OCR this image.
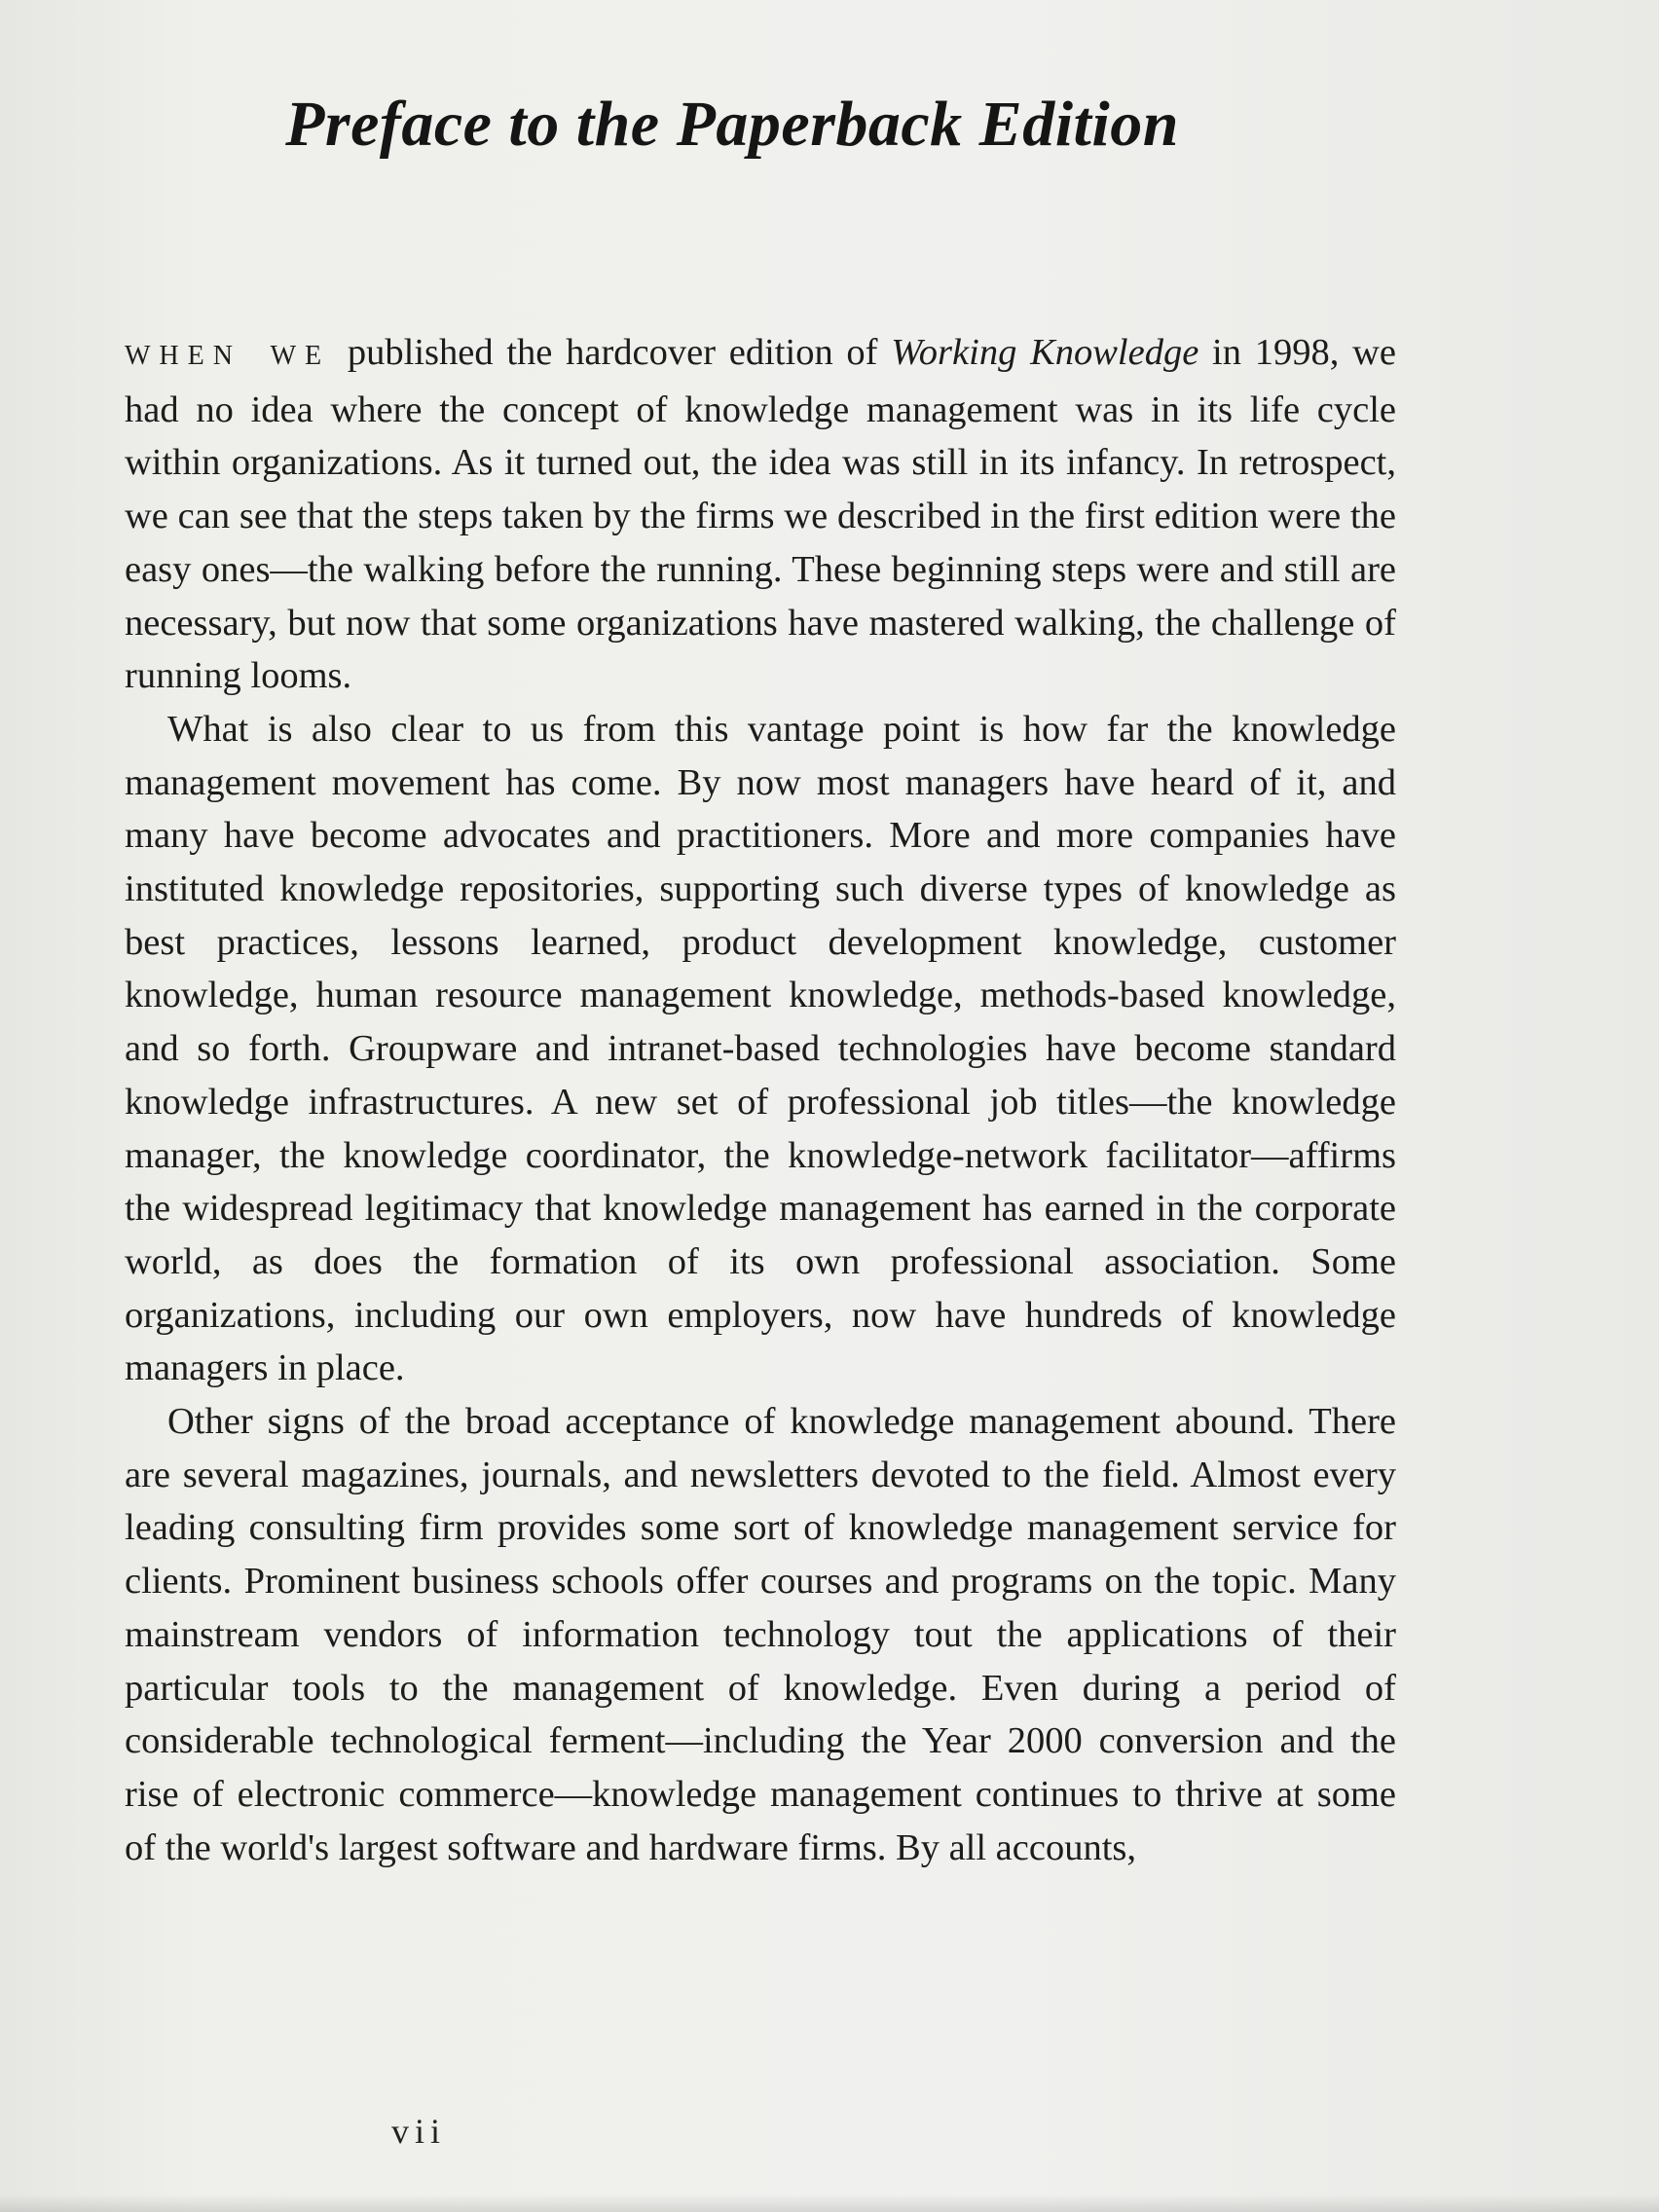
Preface to the Paperback Edition

WHEN WE published the hardcover edition of Working Knowledge in 1998, we had no idea where the concept of knowledge management was in its life cycle within organizations. As it turned out, the idea was still in its infancy. In retrospect, we can see that the steps taken by the firms we described in the first edition were the easy ones—the walking before the running. These beginning steps were and still are necessary, but now that some organizations have mastered walking, the challenge of running looms.

What is also clear to us from this vantage point is how far the knowledge management movement has come. By now most managers have heard of it, and many have become advocates and practitioners. More and more companies have instituted knowledge repositories, supporting such diverse types of knowledge as best practices, lessons learned, product development knowledge, customer knowledge, human resource management knowledge, methods-based knowledge, and so forth. Groupware and intranet-based technologies have become standard knowledge infrastructures. A new set of professional job titles—the knowledge manager, the knowledge coordinator, the knowledge-network facilitator—affirms the widespread legitimacy that knowledge management has earned in the corporate world, as does the formation of its own professional association. Some organizations, including our own employers, now have hundreds of knowledge managers in place.

Other signs of the broad acceptance of knowledge management abound. There are several magazines, journals, and newsletters devoted to the field. Almost every leading consulting firm provides some sort of knowledge management service for clients. Prominent business schools offer courses and programs on the topic. Many mainstream vendors of information technology tout the applications of their particular tools to the management of knowledge. Even during a period of considerable technological ferment—including the Year 2000 conversion and the rise of electronic commerce—knowledge management continues to thrive at some of the world's largest software and hardware firms. By all accounts,

vii
